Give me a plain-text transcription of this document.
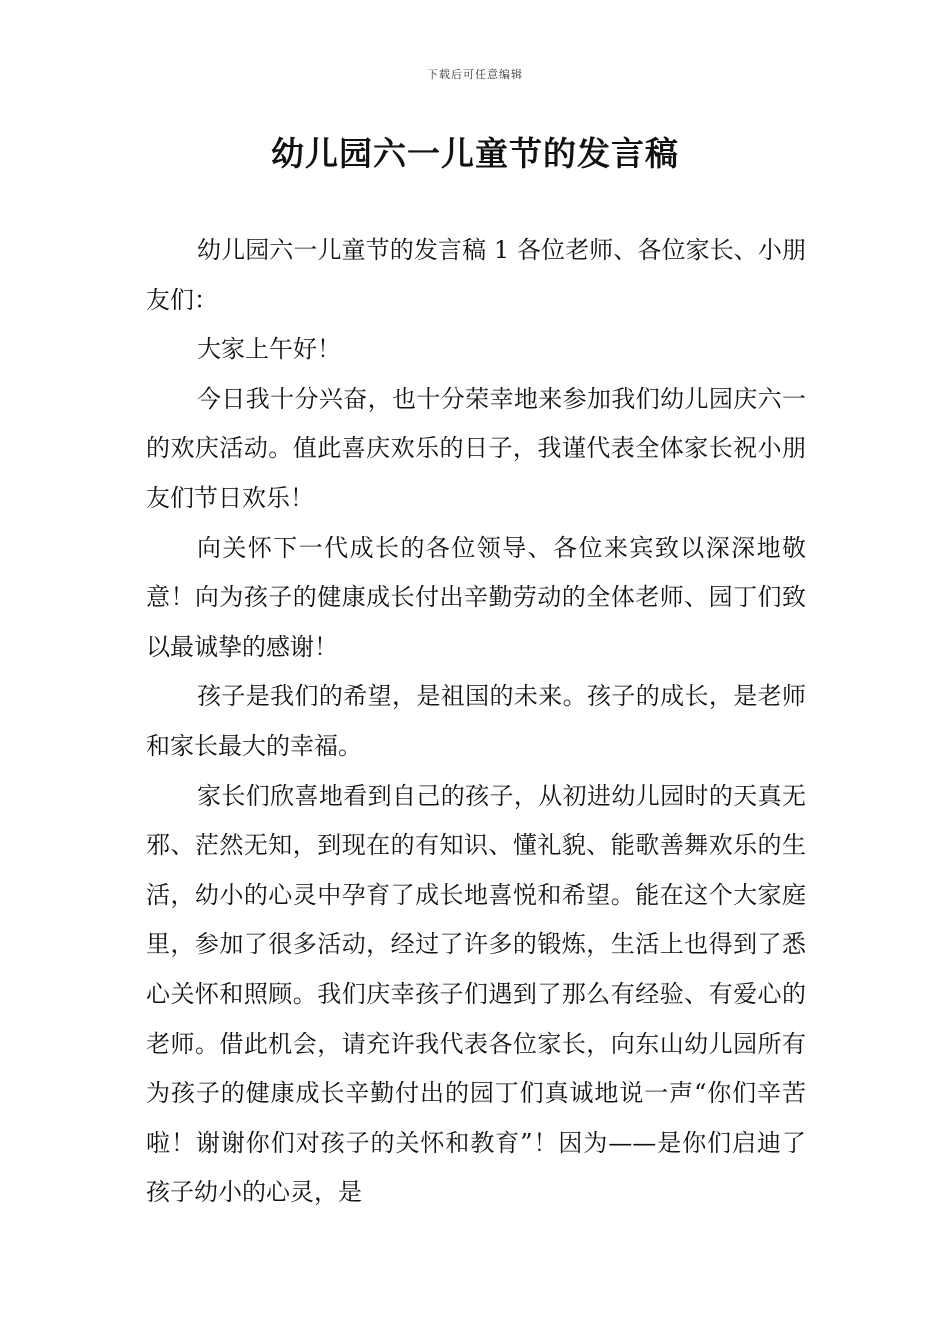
下载后可任意编辑
幼儿园六一儿童节的发言稿

幼儿园六一儿童节的发言稿 1 各位老师、各位家长、小朋友们：

大家上午好！

今日我十分兴奋，也十分荣幸地来参加我们幼儿园庆六一的欢庆活动。值此喜庆欢乐的日子，我谨代表全体家长祝小朋友们节日欢乐！

向关怀下一代成长的各位领导、各位来宾致以深深地敬意！向为孩子的健康成长付出辛勤劳动的全体老师、园丁们致以最诚挚的感谢！

孩子是我们的希望，是祖国的未来。孩子的成长，是老师和家长最大的幸福。

家长们欣喜地看到自己的孩子，从初进幼儿园时的天真无邪、茫然无知，到现在的有知识、懂礼貌、能歌善舞欢乐的生活，幼小的心灵中孕育了成长地喜悦和希望。能在这个大家庭里，参加了很多活动，经过了许多的锻炼，生活上也得到了悉心关怀和照顾。我们庆幸孩子们遇到了那么有经验、有爱心的老师。借此机会，请充许我代表各位家长，向东山幼儿园所有为孩子的健康成长辛勤付出的园丁们真诚地说一声“你们辛苦啦！谢谢你们对孩子的关怀和教育”！因为——是你们启迪了孩子幼小的心灵，是
